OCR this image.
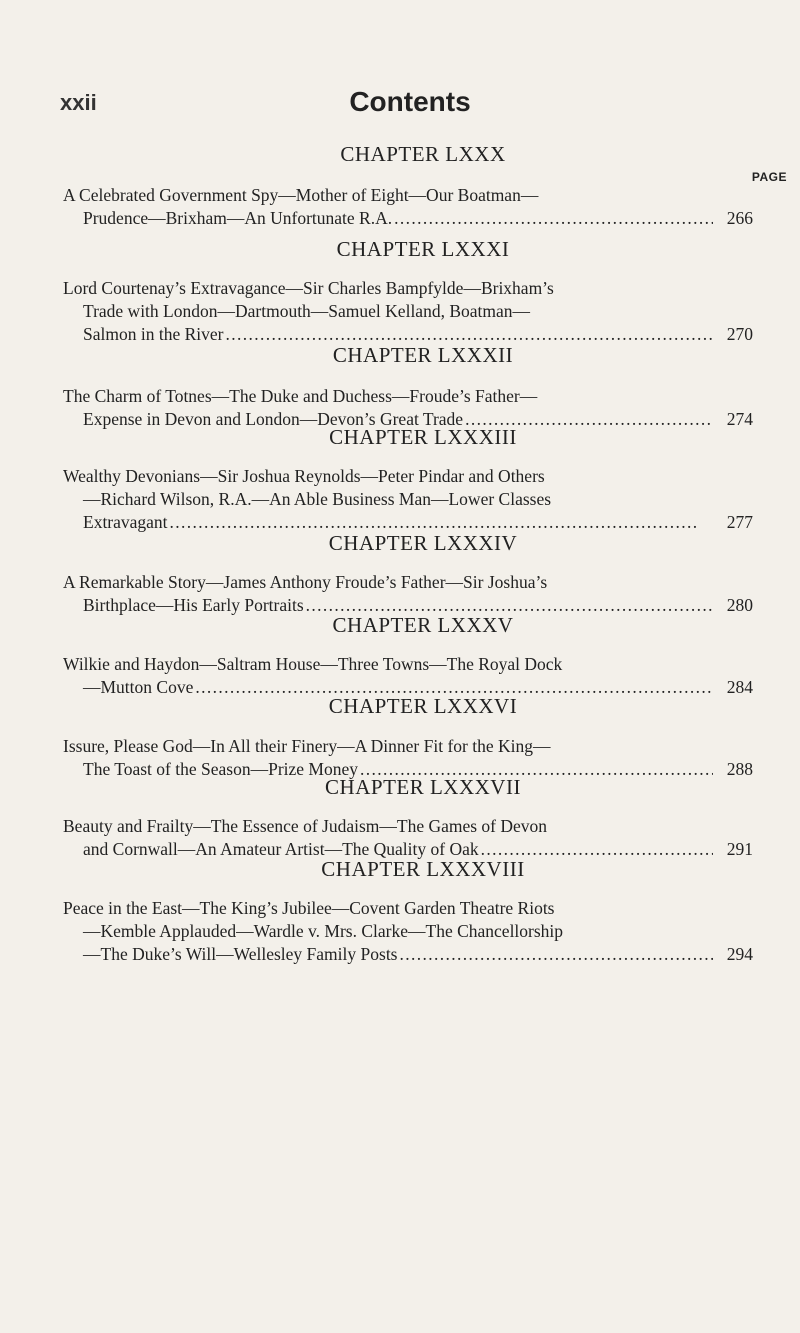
xxii	Contents
PAGE
CHAPTER LXXX

A Celebrated Government Spy—Mother of Eight—Our Boatman—

Prudence—Brixham—An Unfortunate R.A. . . .	266
CHAPTER LXXXI

Lord Courtenay’s Extravagance—Sir Charles Bampfylde—Brixham’s

Trade with London—Dartmouth—Samuel Kelland, Boatman—

Salmon in the River . . .	270
CHAPTER LXXXII

The Charm of Totnes—The Duke and Duchess—Froude’s Father—

Expense in Devon and London—Devon’s Great Trade . . .	274
CHAPTER LXXXIII

Wealthy Devonians—Sir Joshua Reynolds—Peter Pindar and Others

—Richard Wilson, R.A.—An Able Business Man—Lower Classes

Extravagant . . .	277
CHAPTER LXXXIV

A Remarkable Story—James Anthony Froude’s Father—Sir Joshua’s

Birthplace—His Early Portraits . . .	280
CHAPTER LXXXV

Wilkie and Haydon—Saltram House—Three Towns—The Royal Dock

—Mutton Cove . . .	284
CHAPTER LXXXVI

Issure, Please God—In All their Finery—A Dinner Fit for the King—

The Toast of the Season—Prize Money . . .	288
CHAPTER LXXXVII

Beauty and Frailty—The Essence of Judaism—The Games of Devon

and Cornwall—An Amateur Artist—The Quality of Oak . . .	291
CHAPTER LXXXVIII

Peace in the East—The King’s Jubilee—Covent Garden Theatre Riots

—Kemble Applauded—Wardle v. Mrs. Clarke—The Chancellorship

—The Duke’s Will—Wellesley Family Posts . . .	294
